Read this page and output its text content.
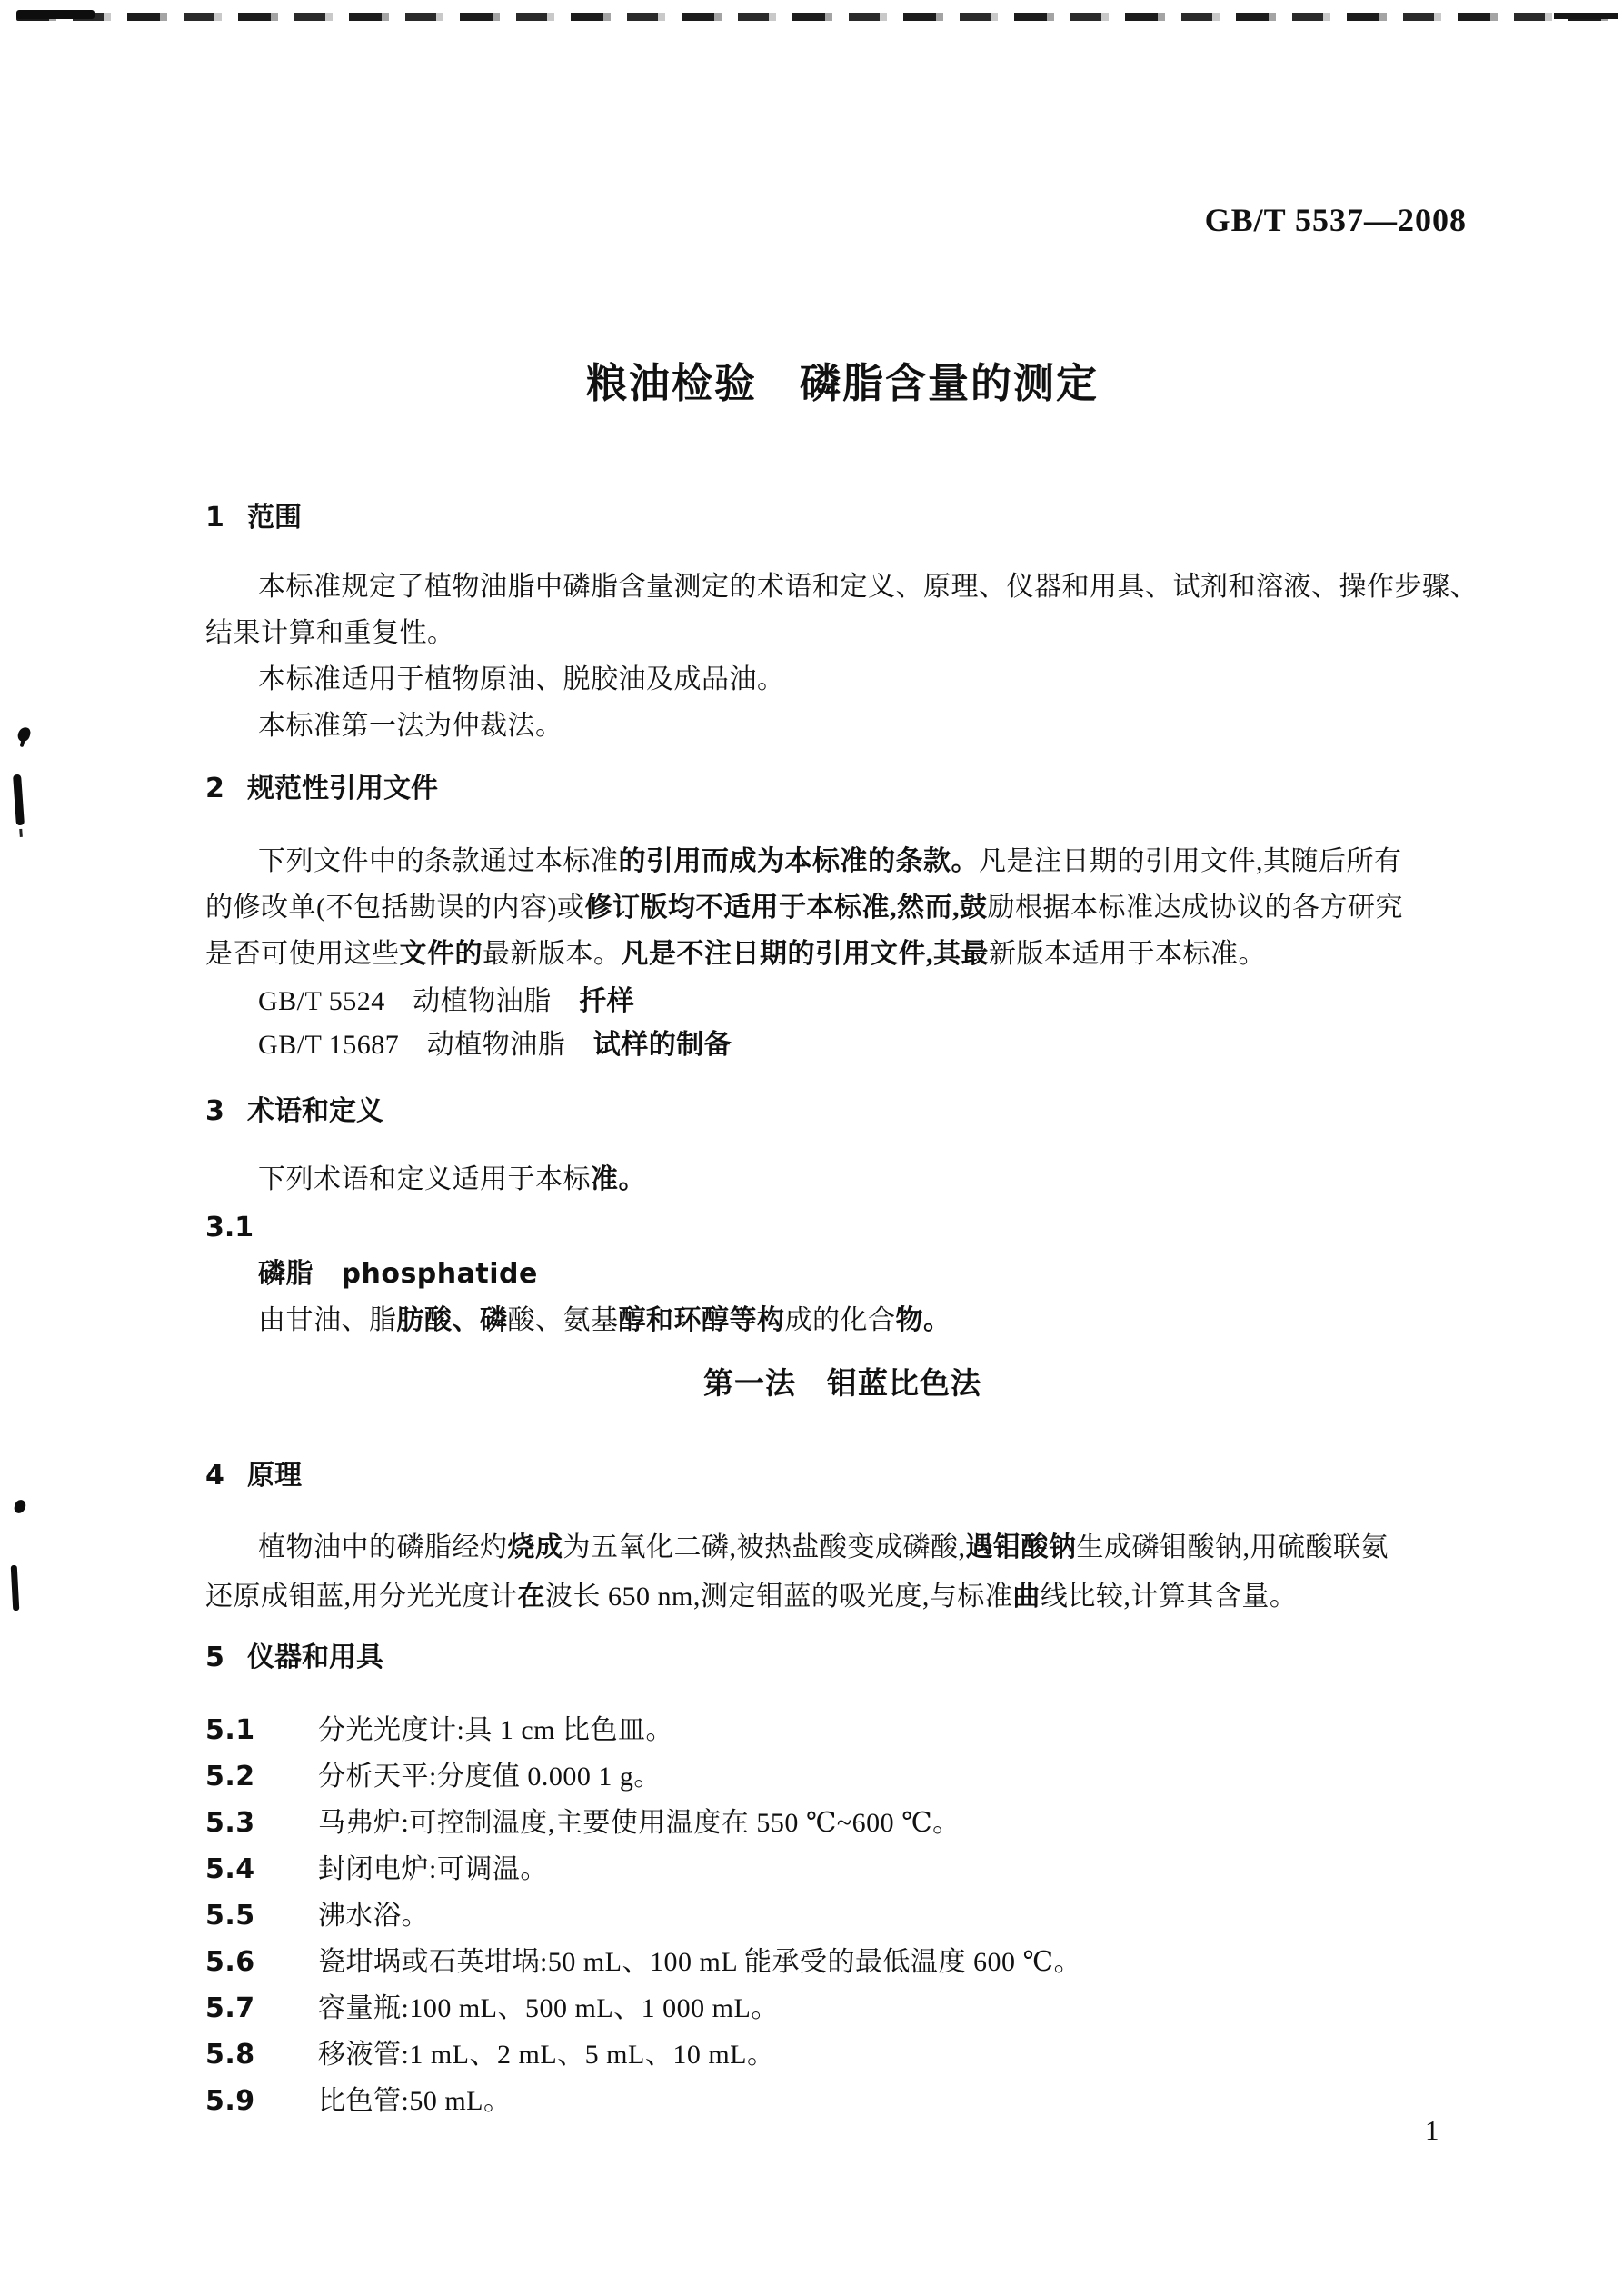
GB/T 5537—2008
粮油检验　磷脂含量的测定
1 范围
本标准规定了植物油脂中磷脂含量测定的术语和定义、原理、仪器和用具、试剂和溶液、操作步骤、
结果计算和重复性。
本标准适用于植物原油、脱胶油及成品油。
本标准第一法为仲裁法。
2 规范性引用文件
下列文件中的条款通过本标准的引用而成为本标准的条款。凡是注日期的引用文件,其随后所有
的修改单(不包括勘误的内容)或修订版均不适用于本标准,然而,鼓励根据本标准达成协议的各方研究
是否可使用这些文件的最新版本。凡是不注日期的引用文件,其最新版本适用于本标准。
GB/T 5524　动植物油脂　扦样
GB/T 15687　动植物油脂　试样的制备
3 术语和定义
下列术语和定义适用于本标准。
3.1
磷脂　phosphatide
由甘油、脂肪酸、磷酸、氨基醇和环醇等构成的化合物。
第一法　钼蓝比色法
4 原理
植物油中的磷脂经灼烧成为五氧化二磷,被热盐酸变成磷酸,遇钼酸钠生成磷钼酸钠,用硫酸联氨
还原成钼蓝,用分光光度计在波长 650 nm,测定钼蓝的吸光度,与标准曲线比较,计算其含量。
5 仪器和用具
5.1 分光光度计:具 1 cm 比色皿。
5.2 分析天平:分度值 0.000 1 g。
5.3 马弗炉:可控制温度,主要使用温度在 550 ℃~600 ℃。
5.4 封闭电炉:可调温。
5.5 沸水浴。
5.6 瓷坩埚或石英坩埚:50 mL、100 mL 能承受的最低温度 600 ℃。
5.7 容量瓶:100 mL、500 mL、1 000 mL。
5.8 移液管:1 mL、2 mL、5 mL、10 mL。
5.9 比色管:50 mL。
1
